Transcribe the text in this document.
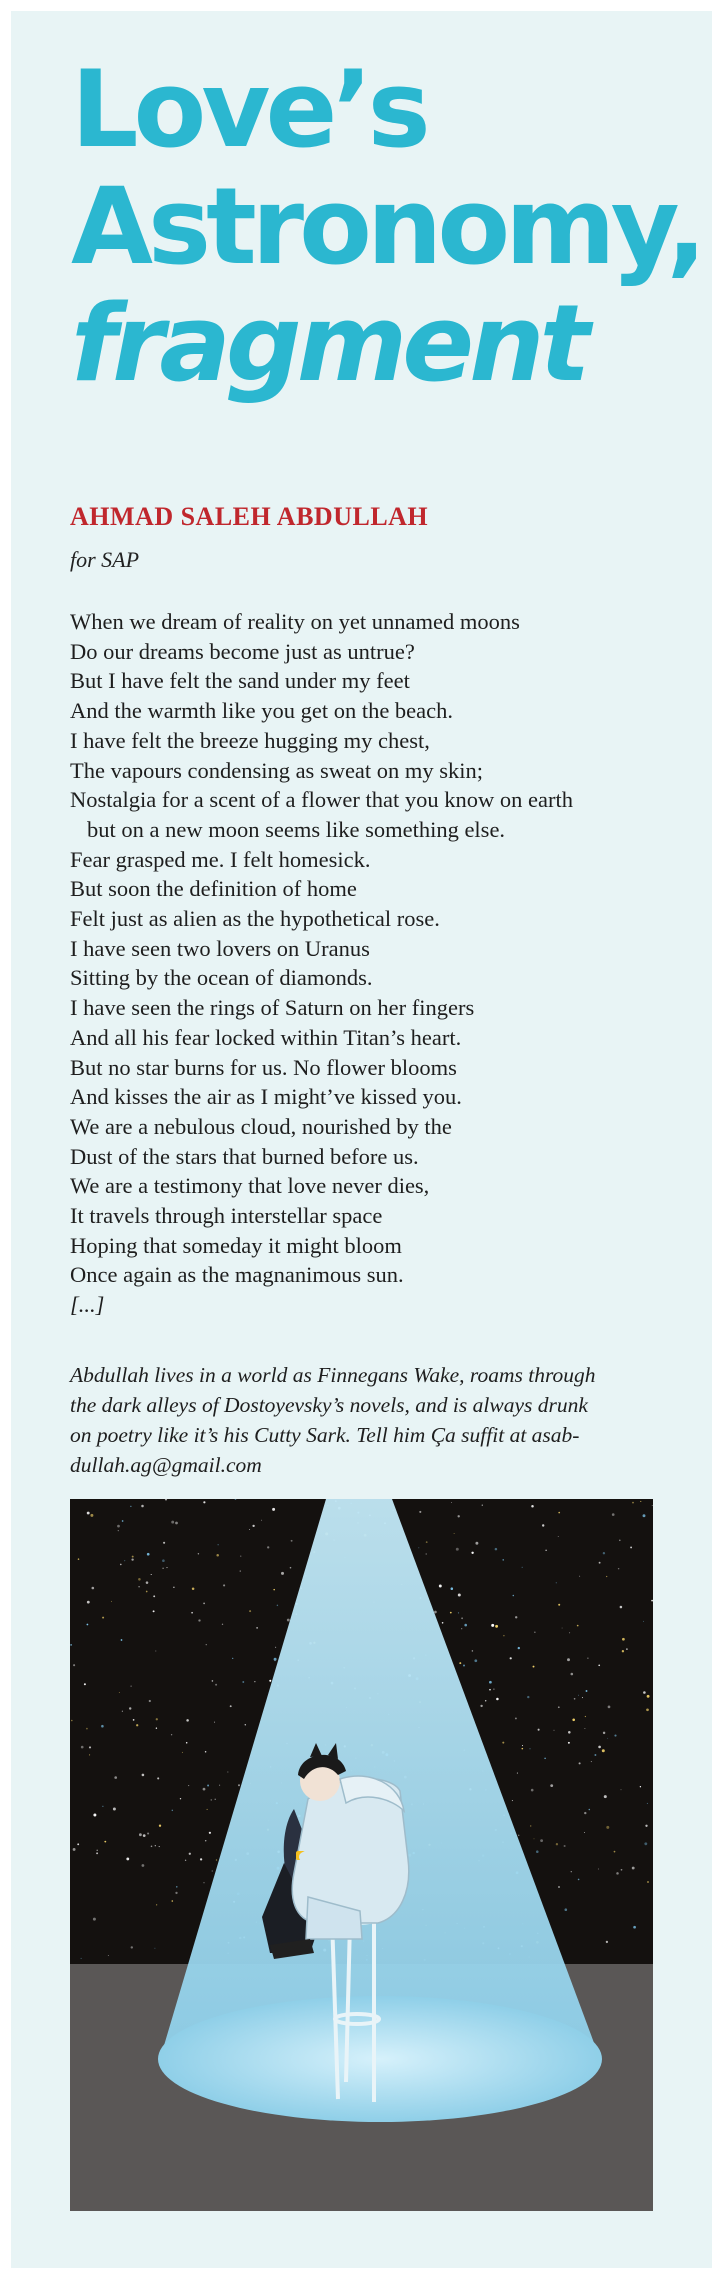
Love’s
Astronomy,
fragment
AHMAD SALEH ABDULLAH
for SAP
When we dream of reality on yet unnamed moons
Do our dreams become just as untrue?
But I have felt the sand under my feet
And the warmth like you get on the beach.
I have felt the breeze hugging my chest,
The vapours condensing as sweat on my skin;
Nostalgia for a scent of a flower that you know on earth
but on a new moon seems like something else.
Fear grasped me. I felt homesick.
But soon the definition of home
Felt just as alien as the hypothetical rose.
I have seen two lovers on Uranus
Sitting by the ocean of diamonds.
I have seen the rings of Saturn on her fingers
And all his fear locked within Titan’s heart.
But no star burns for us. No flower blooms
And kisses the air as I might’ve kissed you.
We are a nebulous cloud, nourished by the
Dust of the stars that burned before us.
We are a testimony that love never dies,
It travels through interstellar space
Hoping that someday it might bloom
Once again as the magnanimous sun.
[...]
Abdullah lives in a world as Finnegans Wake, roams through
the dark alleys of Dostoyevsky’s novels, and is always drunk
on poetry like it’s his Cutty Sark. Tell him Ça suffit at asab-
dullah.ag@gmail.com
